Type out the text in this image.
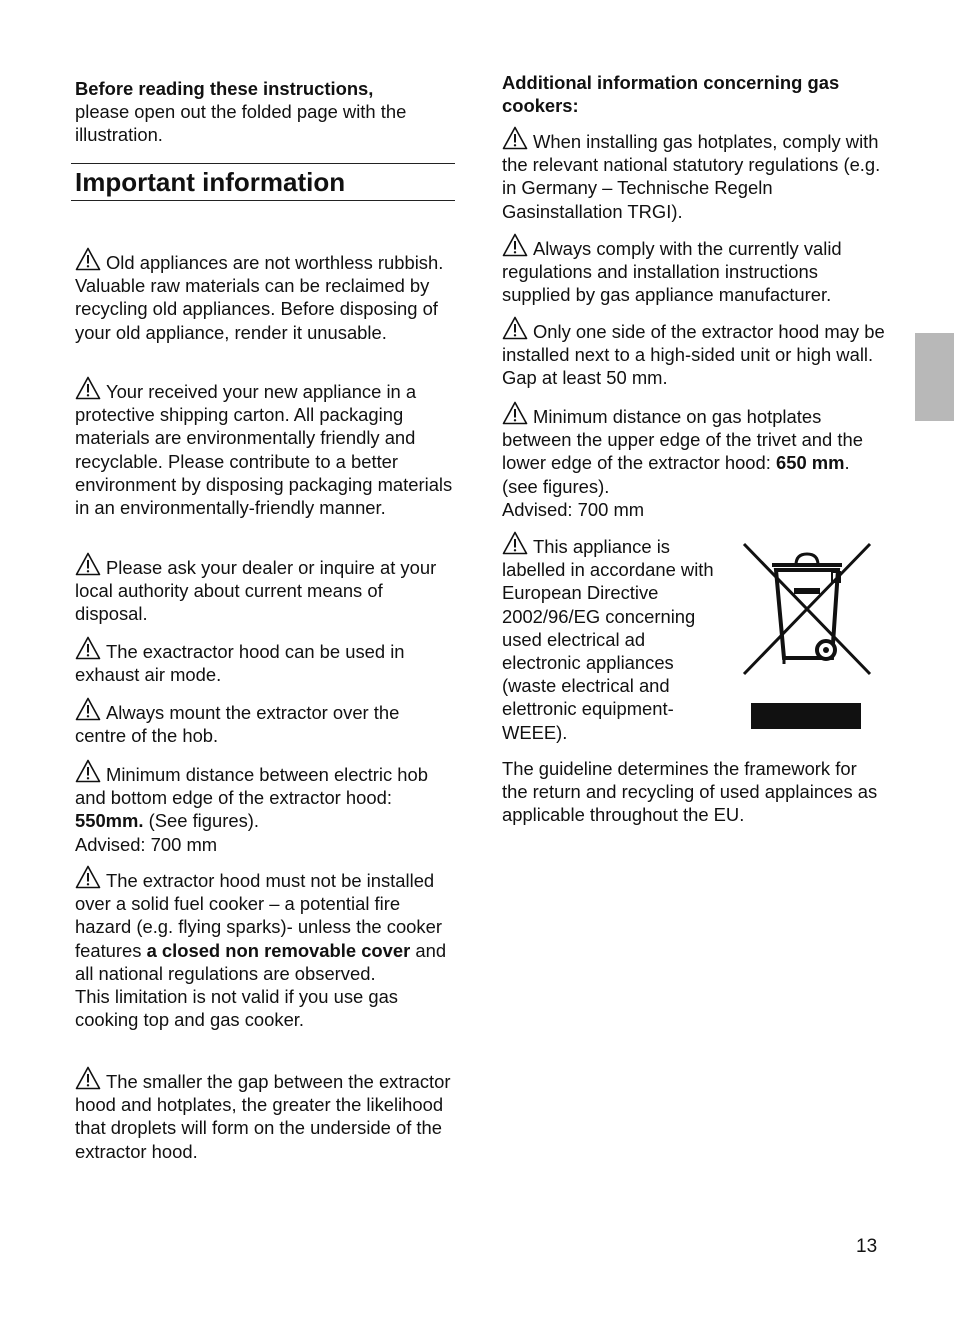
Before reading these instructions,

please open out the folded page with the illustration.

Important information

Old appliances are not worthless rubbish. Valuable raw materials can be reclaimed by recycling old appliances. Before disposing of your old appliance, render it unusable.

Your received your new appliance in a protective shipping carton. All packaging materials are environmentally friendly and recyclable. Please contribute to a better environment by disposing packaging materials in an environmentally-friendly manner.

Please ask your dealer or inquire at your local authority about current means of disposal.

The exactractor hood can be used in exhaust air mode.

Always mount the extractor over the centre of the hob.

Minimum distance between electric hob and bottom edge of the extractor hood: 550mm. (See figures).

Advised: 700 mm

The extractor hood must not be installed over a solid fuel cooker – a potential fire hazard (e.g. flying sparks)- unless the cooker features a closed non removable cover and all national regulations are observed.

This limitation is not valid if you use gas cooking top and gas cooker.

The smaller the gap between the extractor hood and hotplates, the greater the likelihood that droplets will form on the underside of the extractor hood.

Additional information concerning gas cookers:

When installing gas hotplates, comply with the relevant national statutory regulations (e.g. in Germany – Technische Regeln Gasinstallation TRGI).

Always comply with the currently valid regulations and installation instructions supplied by gas appliance manufacturer.

Only one side of the extractor hood may be installed next to a high-sided unit or high wall. Gap at least 50 mm.

Minimum distance on gas hotplates between the upper edge of the trivet and the lower edge of the extractor hood: 650 mm. (see figures).

Advised: 700 mm

This appliance is labelled in accordane with European Directive 2002/96/EG concerning used electrical ad electronic appliances (waste electrical and elettronic equipment-WEEE).

The guideline determines the framework for the return and recycling of used applainces as applicable throughout the EU.

13
